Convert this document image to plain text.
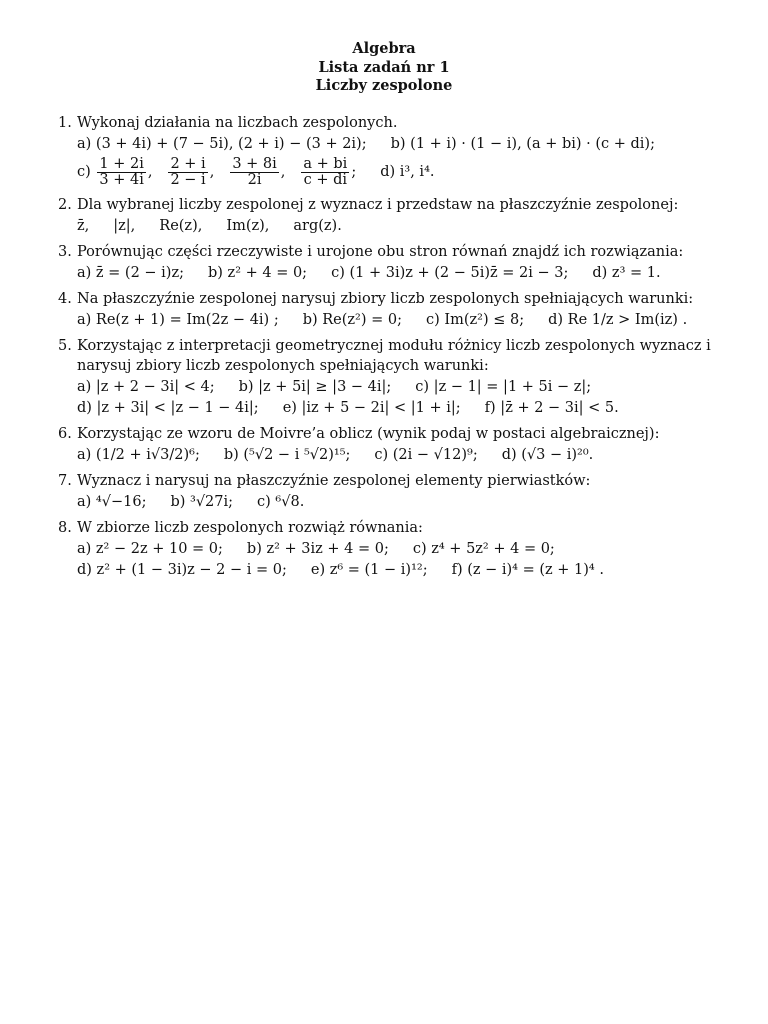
Algebra
Lista zadań nr 1
Liczby zespolone
1. Wykonaj działania na liczbach zespolonych.
a) (3 + 4i) + (7 − 5i), (2 + i) − (3 + 2i); b) (1 + i) · (1 − i), (a + bi) · (c + di);
$c) \frac{1 + 2i}{3 + 4i}$ , $\frac{2 + i}{2 - i}$ , $\frac{3 + 8i}{2i}$ , $\frac{a + bi}{c + di}$ ; d) i³, i⁴.
2. Dla wybranej liczby zespolonej z wyznacz i przedstaw na płaszczyźnie zespolonej:
z̄, |z|, Re(z), Im(z), arg(z).
3. Porównując części rzeczywiste i urojone obu stron równań znajdź ich rozwiązania:
a) z̄ = (2 − i)z; b) z² + 4 = 0; c) (1 + 3i)z + (2 − 5i)z̄ = 2i − 3; d) z³ = 1.
4. Na płaszczyźnie zespolonej narysuj zbiory liczb zespolonych spełniających warunki:
a) Re(z + 1) = Im(2z − 4i) ; b) Re(z²) = 0; c) Im(z²) ≤ 8; d) Re 1/z > Im(iz) .
5. Korzystając z interpretacji geometrycznej modułu różnicy liczb zespolonych wyznacz i narysuj zbiory liczb zespolonych spełniających warunki:
a) |z + 2 − 3i| < 4; b) |z + 5i| ≥ |3 − 4i|; c) |z − 1| = |1 + 5i − z|;
d) |z + 3i| < |z − 1 − 4i|; e) |iz + 5 − 2i| < |1 + i|; f) |z̄ + 2 − 3i| < 5.
6. Korzystając ze wzoru de Moivre’a oblicz (wynik podaj w postaci algebraicznej):
a) (1/2 + i√3/2)⁶; b) (⁵√2 − i ⁵√2)¹⁵; c) (2i − √12)⁹; d) (√3 − i)²⁰.
7. Wyznacz i narysuj na płaszczyźnie zespolonej elementy pierwiastków:
a) ⁴√−16; b) ³√27i; c) ⁶√8.
8. W zbiorze liczb zespolonych rozwiąż równania:
a) z² − 2z + 10 = 0; b) z² + 3iz + 4 = 0; c) z⁴ + 5z² + 4 = 0;
d) z² + (1 − 3i)z − 2 − i = 0; e) z⁶ = (1 − i)¹²; f) (z − i)⁴ = (z + 1)⁴ .
